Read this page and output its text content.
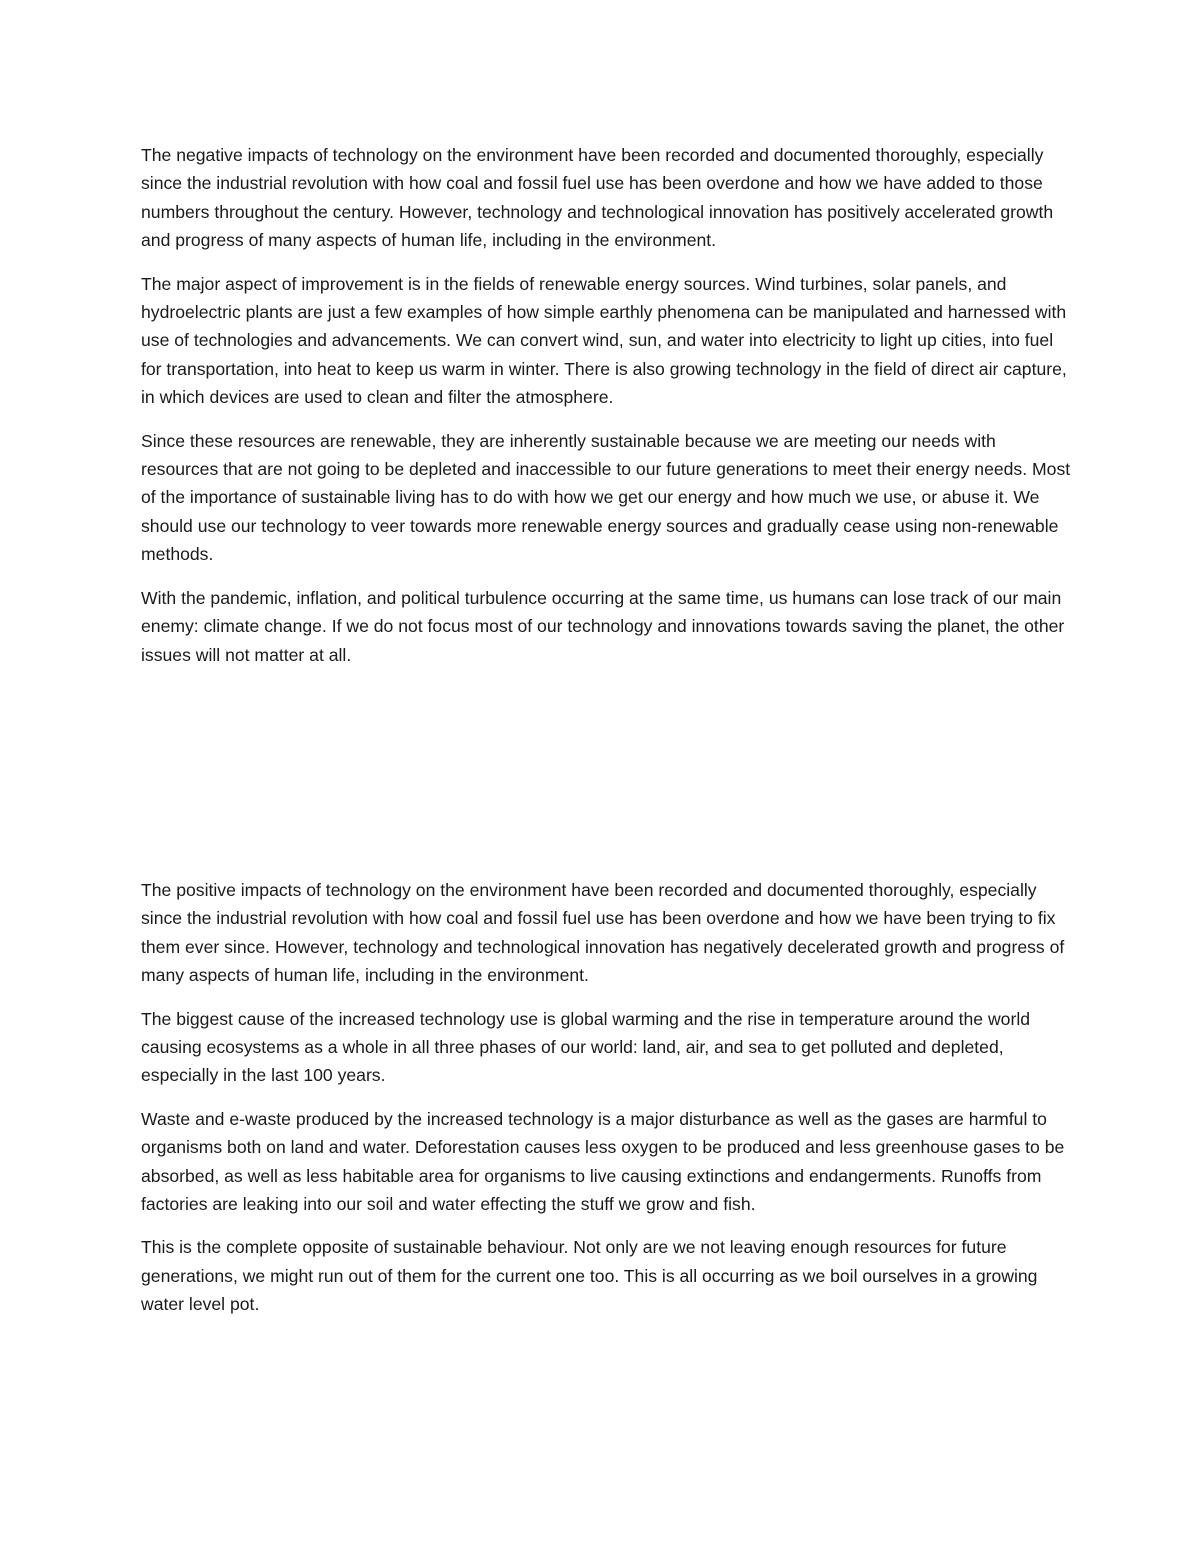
The negative impacts of technology on the environment have been recorded and documented thoroughly, especially since the industrial revolution with how coal and fossil fuel use has been overdone and how we have added to those numbers throughout the century. However, technology and technological innovation has positively accelerated growth and progress of many aspects of human life, including in the environment.

The major aspect of improvement is in the fields of renewable energy sources. Wind turbines, solar panels, and hydroelectric plants are just a few examples of how simple earthly phenomena can be manipulated and harnessed with use of technologies and advancements. We can convert wind, sun, and water into electricity to light up cities, into fuel for transportation, into heat to keep us warm in winter. There is also growing technology in the field of direct air capture, in which devices are used to clean and filter the atmosphere.

Since these resources are renewable, they are inherently sustainable because we are meeting our needs with resources that are not going to be depleted and inaccessible to our future generations to meet their energy needs. Most of the importance of sustainable living has to do with how we get our energy and how much we use, or abuse it. We should use our technology to veer towards more renewable energy sources and gradually cease using non-renewable methods.

With the pandemic, inflation, and political turbulence occurring at the same time, us humans can lose track of our main enemy: climate change. If we do not focus most of our technology and innovations towards saving the planet, the other issues will not matter at all.

The positive impacts of technology on the environment have been recorded and documented thoroughly, especially since the industrial revolution with how coal and fossil fuel use has been overdone and how we have been trying to fix them ever since. However, technology and technological innovation has negatively decelerated growth and progress of many aspects of human life, including in the environment.

The biggest cause of the increased technology use is global warming and the rise in temperature around the world causing ecosystems as a whole in all three phases of our world: land, air, and sea to get polluted and depleted, especially in the last 100 years.

Waste and e-waste produced by the increased technology is a major disturbance as well as the gases are harmful to organisms both on land and water. Deforestation causes less oxygen to be produced and less greenhouse gases to be absorbed, as well as less habitable area for organisms to live causing extinctions and endangerments. Runoffs from factories are leaking into our soil and water effecting the stuff we grow and fish.

This is the complete opposite of sustainable behaviour. Not only are we not leaving enough resources for future generations, we might run out of them for the current one too. This is all occurring as we boil ourselves in a growing water level pot.
